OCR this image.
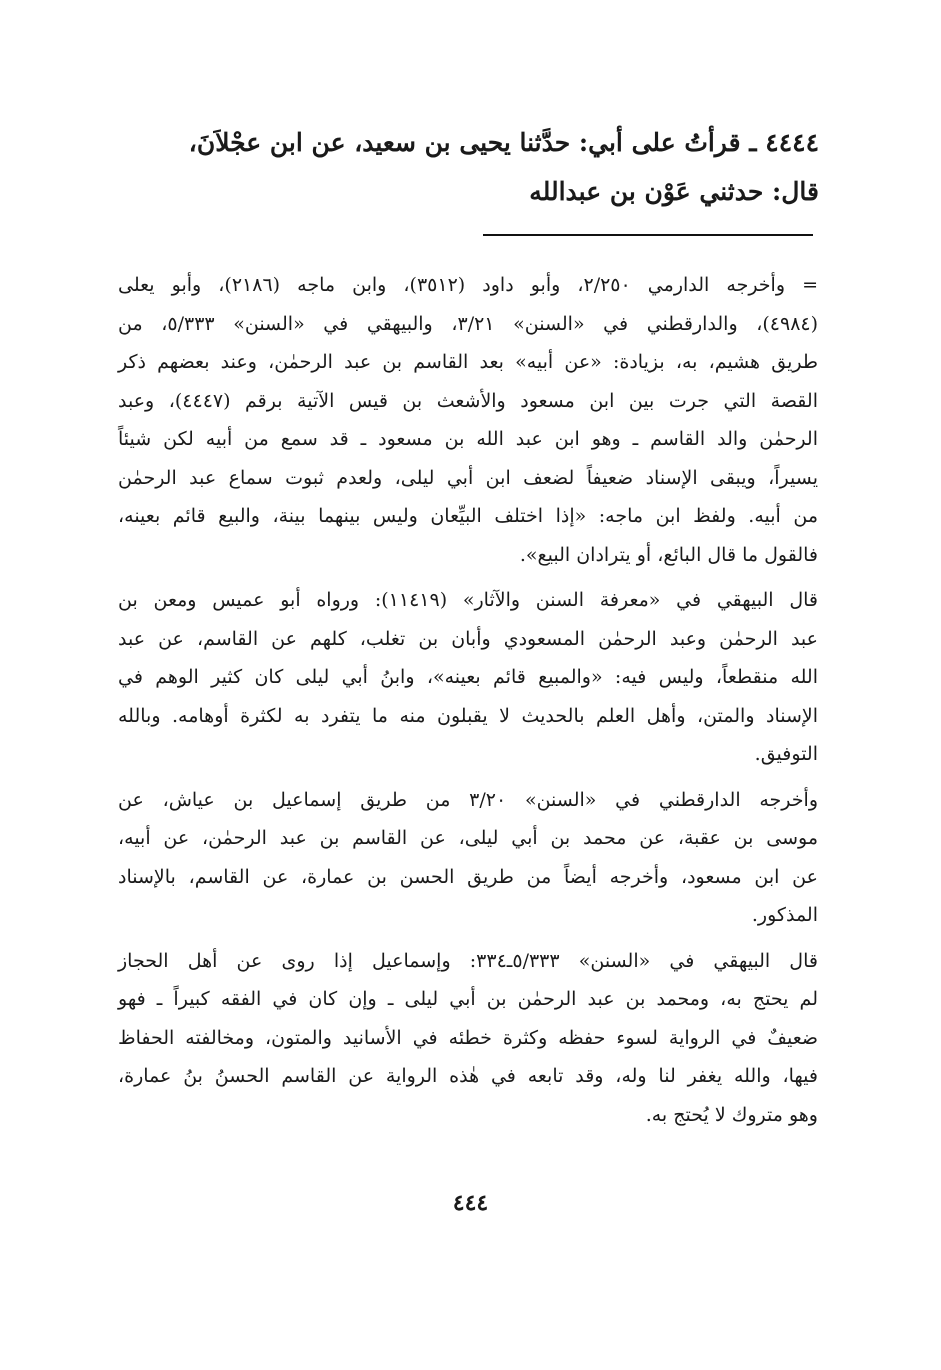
٤٤٤٤ ـ قرأتُ على أبي: حدَّثنا يحيى بن سعيد، عن ابن عجْلاَنَ،
قال: حدثني عَوْن بن عبدالله
= وأخرجه الدارمي ٢/٢٥٠، وأبو داود (٣٥١٢)، وابن ماجه (٢١٨٦)، وأبو يعلى
(٤٩٨٤)، والدارقطني في «السنن» ٣/٢١، والبيهقي في «السنن» ٥/٣٣٣، من
طريق هشيم، به، بزيادة: «عن أبيه» بعد القاسم بن عبد الرحمٰن، وعند بعضهم ذكر
القصة التي جرت بين ابن مسعود والأشعث بن قيس الآتية برقم (٤٤٤٧)، وعبد
الرحمٰن والد القاسم ـ وهو ابن عبد الله بن مسعود ـ قد سمع من أبيه لكن شيئاً
يسيراً، ويبقى الإسناد ضعيفاً لضعف ابن أبي ليلى، ولعدم ثبوت سماع عبد الرحمٰن
من أبيه. ولفظ ابن ماجه: «إذا اختلف البيِّعان وليس بينهما بينة، والبيع قائم بعينه،
فالقول ما قال البائع، أو يترادان البيع».
قال البيهقي في «معرفة السنن والآثار» (١١٤١٩): ورواه أبو عميس ومعن بن
عبد الرحمٰن وعبد الرحمٰن المسعودي وأبان بن تغلب، كلهم عن القاسم، عن عبد
الله منقطعاً، وليس فيه: «والمبيع قائم بعينه»، وابنُ أبي ليلى كان كثير الوهم في
الإسناد والمتن، وأهل العلم بالحديث لا يقبلون منه ما يتفرد به لكثرة أوهامه. وبالله
التوفيق.
وأخرجه الدارقطني في «السنن» ٣/٢٠ من طريق إسماعيل بن عياش، عن
موسى بن عقبة، عن محمد بن أبي ليلى، عن القاسم بن عبد الرحمٰن، عن أبيه،
عن ابن مسعود، وأخرجه أيضاً من طريق الحسن بن عمارة، عن القاسم، بالإسناد
المذكور.
قال البيهقي في «السنن» ٥/٣٣٣ـ٣٣٤: وإسماعيل إذا روى عن أهل الحجاز
لم يحتج به، ومحمد بن عبد الرحمٰن بن أبي ليلى ـ وإن كان في الفقه كبيراً ـ فهو
ضعيفٌ في الرواية لسوء حفظه وكثرة خطئه في الأسانيد والمتون، ومخالفته الحفاظ
فيها، والله يغفر لنا وله، وقد تابعه في هٰذه الرواية عن القاسم الحسنُ بنُ عمارة،
وهو متروك لا يُحتج به.
٤٤٤
